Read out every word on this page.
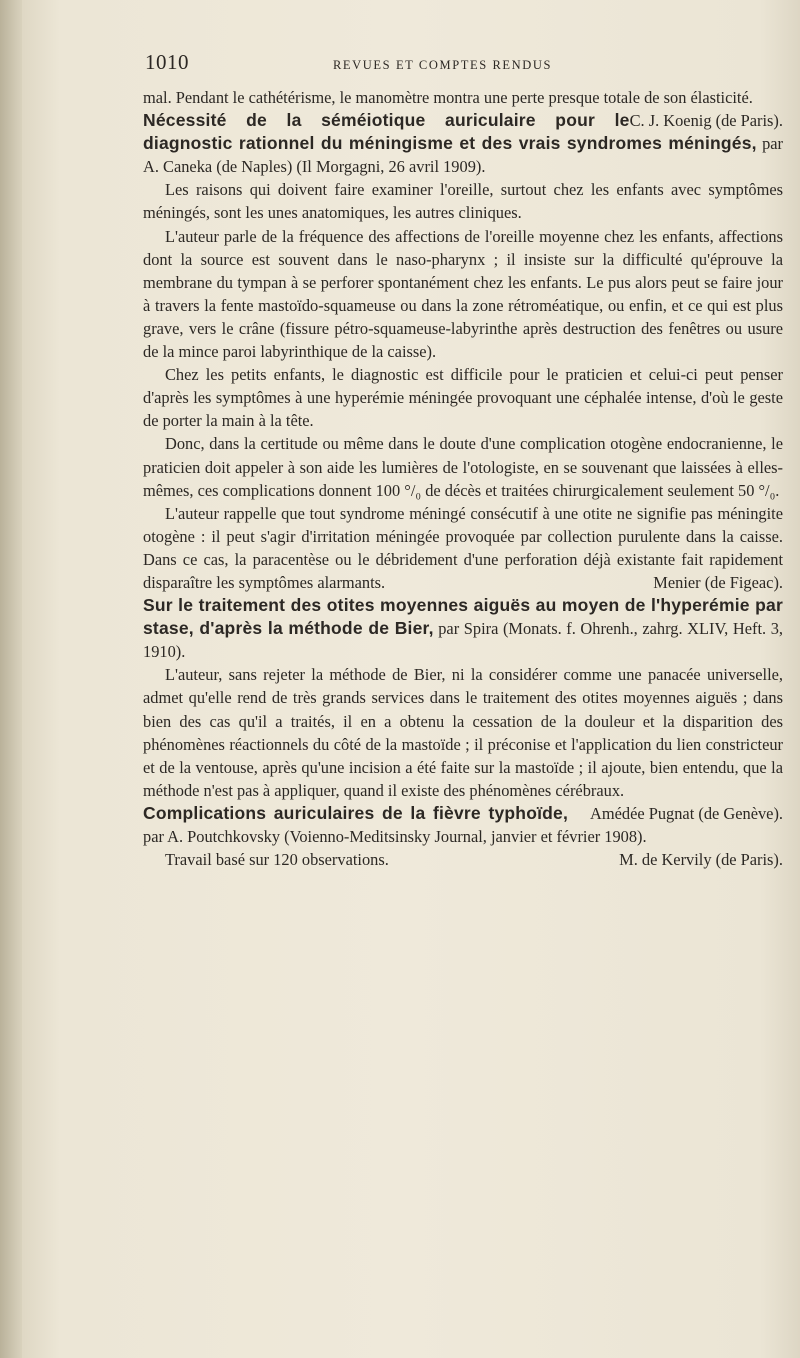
1010	REVUES ET COMPTES RENDUS

mal. Pendant le cathétérisme, le manomètre montra une perte presque totale de son élasticité.
C. J. Koenig (de Paris).

Nécessité de la séméiotique auriculaire pour le diagnostic rationnel du méningisme et des vrais syndromes méningés, par A. Caneka (de Naples) (Il Morgagni, 26 avril 1909).

Les raisons qui doivent faire examiner l'oreille, surtout chez les enfants avec symptômes méningés, sont les unes anatomiques, les autres cliniques.

L'auteur parle de la fréquence des affections de l'oreille moyenne chez les enfants, affections dont la source est souvent dans le naso-pharynx ; il insiste sur la difficulté qu'éprouve la membrane du tympan à se perforer spontanément chez les enfants. Le pus alors peut se faire jour à travers la fente mastoïdo-squameuse ou dans la zone rétroméatique, ou enfin, et ce qui est plus grave, vers le crâne (fissure pétro-squameuse-labyrinthe après destruction des fenêtres ou usure de la mince paroi labyrinthique de la caisse).

Chez les petits enfants, le diagnostic est difficile pour le praticien et celui-ci peut penser d'après les symptômes à une hyperémie méningée provoquant une céphalée intense, d'où le geste de porter la main à la tête.

Donc, dans la certitude ou même dans le doute d'une complication otogène endocranienne, le praticien doit appeler à son aide les lumières de l'otologiste, en se souvenant que laissées à elles-mêmes, ces complications donnent 100 °/₀ de décès et traitées chirurgicalement seulement 50 °/₀.

L'auteur rappelle que tout syndrome méningé consécutif à une otite ne signifie pas méningite otogène : il peut s'agir d'irritation méningée provoquée par collection purulente dans la caisse. Dans ce cas, la paracentèse ou le débridement d'une perforation déjà existante fait rapidement disparaître les symptômes alarmants.	Menier (de Figeac).

Sur le traitement des otites moyennes aiguës au moyen de l'hyperémie par stase, d'après la méthode de Bier, par Spira (Monats. f. Ohrenh., zahrg. XLIV, Heft. 3, 1910).

L'auteur, sans rejeter la méthode de Bier, ni la considérer comme une panacée universelle, admet qu'elle rend de très grands services dans le traitement des otites moyennes aiguës ; dans bien des cas qu'il a traités, il en a obtenu la cessation de la douleur et la disparition des phénomènes réactionnels du côté de la mastoïde ; il préconise et l'application du lien constricteur et de la ventouse, après qu'une incision a été faite sur la mastoïde ; il ajoute, bien entendu, que la méthode n'est pas à appliquer, quand il existe des phénomènes cérébraux.
Amédée Pugnat (de Genève).

Complications auriculaires de la fièvre typhoïde, par A. Poutchkovsky (Voienno-Meditsinsky Journal, janvier et février 1908).

Travail basé sur 120 observations.	M. de Kervily (de Paris).
